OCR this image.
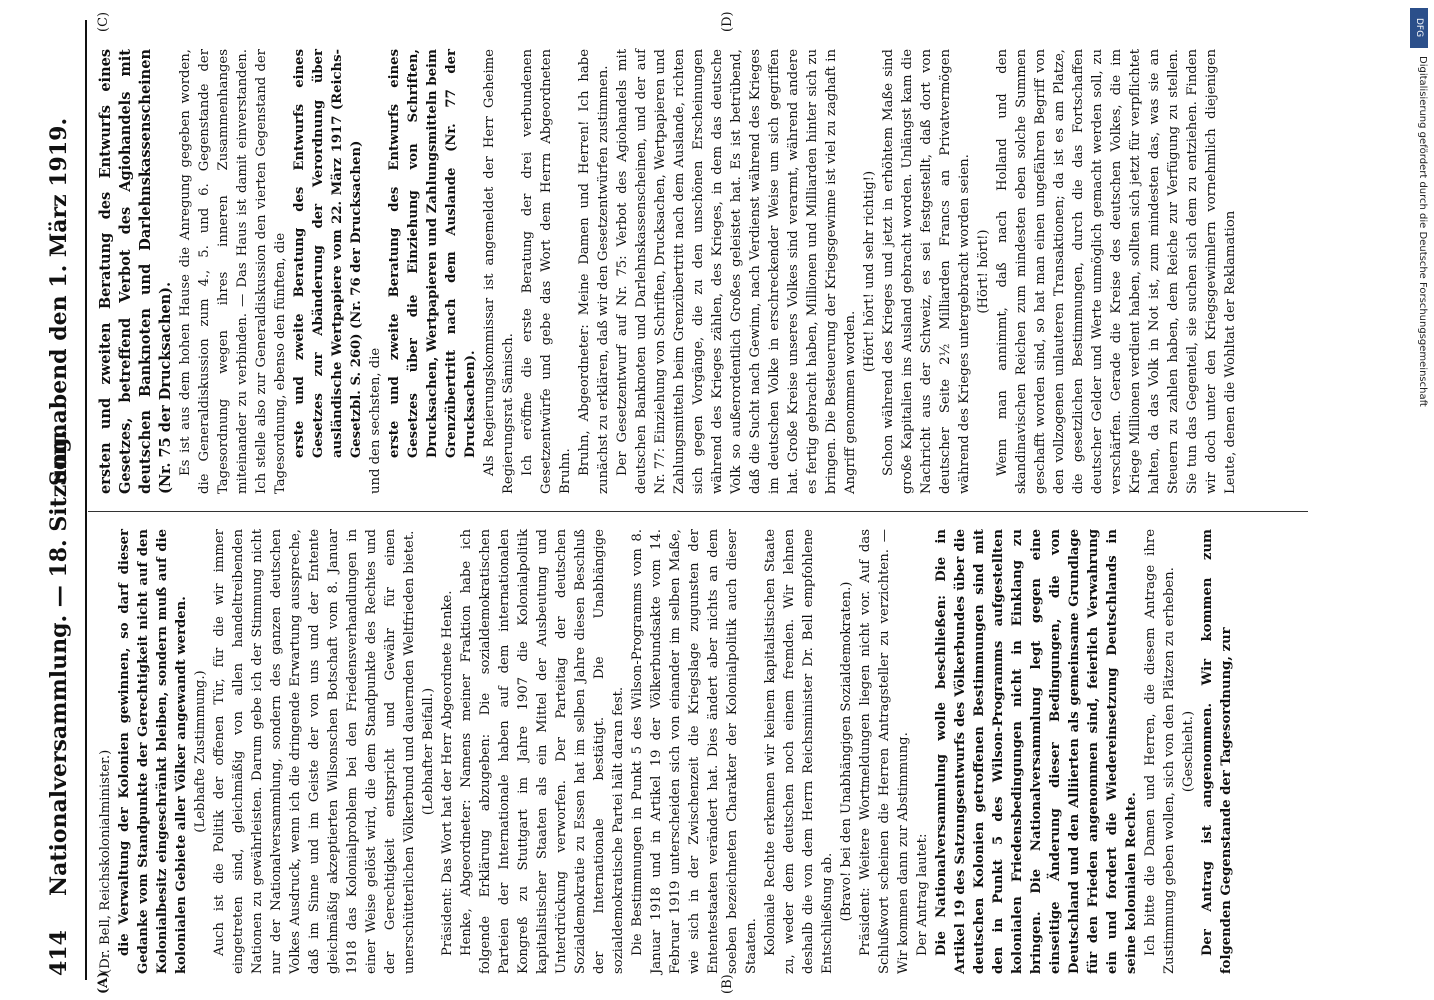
414
Nationalversammlung. — 18. Sitzung.
Sonnabend den 1. März 1919.
(A)	(B)
(C)	(D)

(Dr. Bell, Reichskolonialminister.) die Verwaltung der Kolonien gewinnen, so darf dieser Gedanke vom Standpunkte der Gerechtigkeit nicht auf den Kolonialbesitz eingeschränkt bleiben, sondern muß auf die kolonialen Gebiete aller Völker angewandt werden. (Lebhafte Zustimmung.) Auch ist die Politik der offenen Tür, für die wir immer eingetreten sind, gleichmäßig von allen handeltreibenden Nationen zu gewährleisten. Darum gebe ich der Stimmung nicht nur der Nationalversammlung, sondern des ganzen deutschen Volkes Ausdruck, wenn ich die dringende Erwartung ausspreche, daß im Sinne und im Geiste der von uns und der Entente gleichmäßig akzeptierten Wilsonschen Botschaft vom 8. Januar 1918 das Kolonialproblem bei den Friedensverhandlungen in einer Weise gelöst wird, die dem Standpunkte des Rechtes und der Gerechtigkeit entspricht und Gewähr für einen unerschütterlichen Völkerbund und dauernden Weltfrieden bietet. (Lebhafter Beifall.) Präsident: Das Wort hat der Herr Abgeordnete Henke. Henke, Abgeordneter: Namens meiner Fraktion habe ich folgende Erklärung abzugeben: Die sozialdemokratischen Parteien der Internationale haben auf dem internationalen Kongreß zu Stuttgart im Jahre 1907 die Kolonialpolitik kapitalistischer Staaten als ein Mittel der Ausbeutung und Unterdrückung verworfen. Der Parteitag der deutschen Sozialdemokratie zu Essen hat im selben Jahre diesen Beschluß der Internationale bestätigt. Die Unabhängige sozialdemokratische Partei hält daran fest. Die Bestimmungen in Punkt 5 des Wilson-Programms vom 8. Januar 1918 und in Artikel 19 der Völkerbundsakte vom 14. Februar 1919 unterscheiden sich von einander im selben Maße, wie sich in der Zwischenzeit die Kriegslage zugunsten der Ententestaaten verändert hat. Dies ändert aber nichts an dem soeben bezeichneten Charakter der Kolonialpolitik auch dieser Staaten. Koloniale Rechte erkennen wir keinem kapitalistischen Staate zu, weder dem deutschen noch einem fremden. Wir lehnen deshalb die von dem Herrn Reichsminister Dr. Bell empfohlene Entschließung ab. (Bravo! bei den Unabhängigen Sozialdemokraten.) Präsident: Weitere Wortmeldungen liegen nicht vor. Auf das Schlußwort scheinen die Herren Antragsteller zu verzichten. — Wir kommen dann zur Abstimmung. Der Antrag lautet: Die Nationalversammlung wolle beschließen: Die in Artikel 19 des Satzungsentwurfs des Völkerbundes über die deutschen Kolonien getroffenen Bestimmungen sind mit den in Punkt 5 des Wilson-Programms aufgestellten kolonialen Friedensbedingungen nicht in Einklang zu bringen. Die Nationalversammlung legt gegen eine einseitige Änderung dieser Bedingungen, die von Deutschland und den Alliierten als gemeinsame Grundlage für den Frieden angenommen sind, feierlich Verwahrung ein und fordert die Wiedereinsetzung Deutschlands in seine kolonialen Rechte. Ich bitte die Damen und Herren, die diesem Antrage ihre Zustimmung geben wollen, sich von den Plätzen zu erheben. (Geschieht.) Der Antrag ist angenommen. Wir kommen zum folgenden Gegenstande der Tagesordnung, zur

ersten und zweiten Beratung des Entwurfs eines Gesetzes, betreffend Verbot des Agiohandels mit deutschen Banknoten und Darlehnskassenscheinen (Nr. 75 der Drucksachen). Es ist aus dem hohen Hause die Anregung gegeben worden, die Generaldiskussion zum 4., 5. und 6. Gegenstande der Tagesordnung wegen ihres inneren Zusammenhanges miteinander zu verbinden. — Das Haus ist damit einverstanden. Ich stelle also zur Generaldiskussion den vierten Gegenstand der Tagesordnung, ebenso den fünften, die erste und zweite Beratung des Entwurfs eines Gesetzes zur Abänderung der Verordnung über ausländische Wertpapiere vom 22. März 1917 (Reichs-Gesetzbl. S. 260) (Nr. 76 der Drucksachen) und den sechsten, die erste und zweite Beratung des Entwurfs eines Gesetzes über die Einziehung von Schriften, Drucksachen, Wertpapieren und Zahlungsmitteln beim Grenzübertritt nach dem Auslande (Nr. 77 der Drucksachen). Als Regierungskommissar ist angemeldet der Herr Geheime Regierungsrat Sämisch. Ich eröffne die erste Beratung der drei verbundenen Gesetzentwürfe und gebe das Wort dem Herrn Abgeordneten Bruhn. Bruhn, Abgeordneter: Meine Damen und Herren! Ich habe zunächst zu erklären, daß wir den Gesetzentwürfen zustimmen. Der Gesetzentwurf auf Nr. 75: Verbot des Agiohandels mit deutschen Banknoten und Darlehnskassenscheinen, und der auf Nr. 77: Einziehung von Schriften, Drucksachen, Wertpapieren und Zahlungsmitteln beim Grenzübertritt nach dem Auslande, richten sich gegen Vorgänge, die zu den unschönen Erscheinungen während des Krieges zählen, des Krieges, in dem das deutsche Volk so außerordentlich Großes geleistet hat. Es ist betrübend, daß die Sucht nach Gewinn, nach Verdienst während des Krieges im deutschen Volke in erschreckender Weise um sich gegriffen hat. Große Kreise unseres Volkes sind verarmt, während andere es fertig gebracht haben, Millionen und Milliarden hinter sich zu bringen. Die Besteuerung der Kriegsgewinne ist viel zu zaghaft in Angriff genommen worden.

(Hört! hört! und sehr richtig!) Schon während des Krieges und jetzt in erhöhtem Maße sind große Kapitalien ins Ausland gebracht worden. Unlängst kam die Nachricht aus der Schweiz, es sei festgestellt, daß dort von deutscher Seite 2½ Milliarden Francs an Privatvermögen während des Krieges untergebracht worden seien. (Hört! hört!) Wenn man annimmt, daß nach Holland und den skandinavischen Reichen zum mindesten eben solche Summen geschafft worden sind, so hat man einen ungefähren Begriff von den vollzogenen unlauteren Transaktionen; da ist es am Platze, die gesetzlichen Bestimmungen, durch die das Fortschaffen deutscher Gelder und Werte unmöglich gemacht werden soll, zu verschärfen. Gerade die Kreise des deutschen Volkes, die im Kriege Millionen verdient haben, sollten sich jetzt für verpflichtet halten, da das Volk in Not ist, zum mindesten das, was sie an Steuern zu zahlen haben, dem Reiche zur Verfügung zu stellen. Sie tun das Gegenteil, sie suchen sich dem zu entziehen. Finden wir doch unter den Kriegsgewinnlern vornehmlich diejenigen Leute, denen die Wohltat der Reklamation

DFG
Digitalisierung gefördert durch die Deutsche Forschungsgemeinschaft
